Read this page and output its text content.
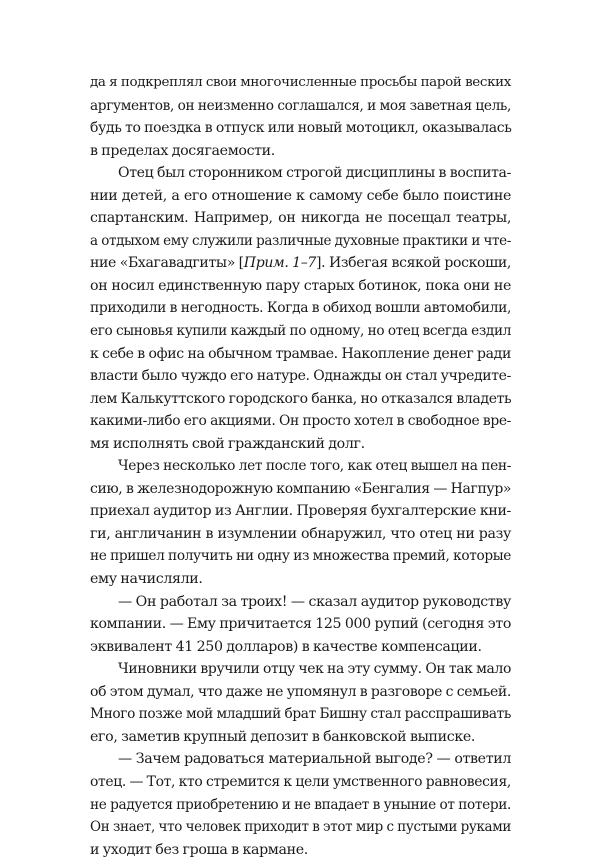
да я подкреплял свои многочисленные просьбы парой веских
аргументов, он неизменно соглашался, и моя заветная цель,
будь то поездка в отпуск или новый мотоцикл, оказывалась
в пределах досягаемости.

Отец был сторонником строгой дисциплины в воспита-
нии детей, а его отношение к самому себе было поистине
спартанским. Например, он никогда не посещал театры,
а отдыхом ему служили различные духовные практики и чте-
ние «Бхагавадгиты» [Прим. 1–7]. Избегая всякой роскоши,
он носил единственную пару старых ботинок, пока они не
приходили в негодность. Когда в обиход вошли автомобили,
его сыновья купили каждый по одному, но отец всегда ездил
к себе в офис на обычном трамвае. Накопление денег ради
власти было чуждо его натуре. Однажды он стал учредите-
лем Калькуттского городского банка, но отказался владеть
какими-либо его акциями. Он просто хотел в свободное вре-
мя исполнять свой гражданский долг.

Через несколько лет после того, как отец вышел на пен-
сию, в железнодорожную компанию «Бенгалия — Нагпур»
приехал аудитор из Англии. Проверяя бухгалтерские кни-
ги, англичанин в изумлении обнаружил, что отец ни разу
не пришел получить ни одну из множества премий, которые
ему начисляли.

— Он работал за троих! — сказал аудитор руководству
компании. — Ему причитается 125 000 рупий (сегодня это
эквивалент 41 250 долларов) в качестве компенсации.

Чиновники вручили отцу чек на эту сумму. Он так мало
об этом думал, что даже не упомянул в разговоре с семьей.
Много позже мой младший брат Бишну стал расспрашивать
его, заметив крупный депозит в банковской выписке.

— Зачем радоваться материальной выгоде? — ответил
отец. — Тот, кто стремится к цели умственного равновесия,
не радуется приобретению и не впадает в уныние от потери.
Он знает, что человек приходит в этот мир с пустыми руками
и уходит без гроша в кармане.
